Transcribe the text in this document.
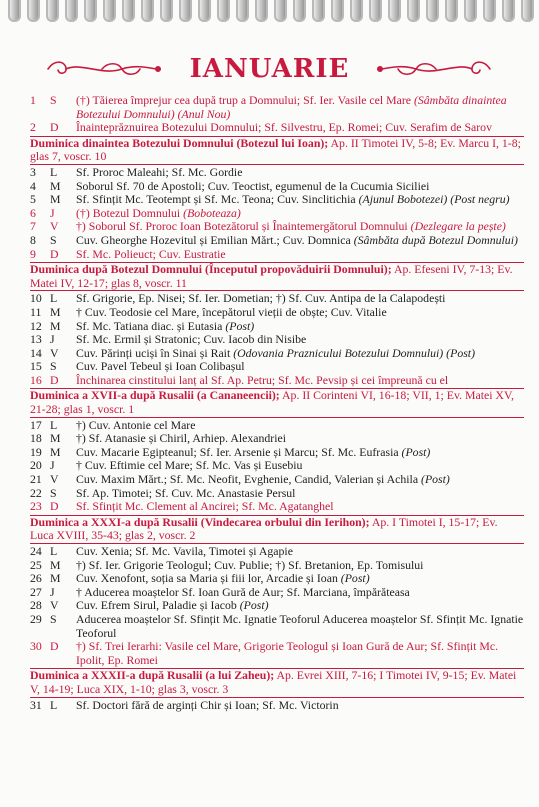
IANUARIE
1	S	(†) Tăierea împrejur cea după trup a Domnului; Sf. Ier. Vasile cel Mare (Sâmbăta dinaintea Botezului Domnului) (Anul Nou)
2	D	Înainteprăznuirea Botezului Domnului; Sf. Silvestru, Ep. Romei; Cuv. Serafim de Sarov
Duminica dinaintea Botezului Domnului (Botezul lui Ioan); Ap. II Timotei IV, 5-8; Ev. Marcu I, 1-8; glas 7, voscr. 10
3	L	Sf. Proroc Maleahi; Sf. Mc. Gordie
4	M	Soborul Sf. 70 de Apostoli; Cuv. Teoctist, egumenul de la Cucumia Siciliei
5	M	Sf. Sfințit Mc. Teotempt și Sf. Mc. Teona; Cuv. Sinclitichia (Ajunul Bobotezei) (Post negru)
6	J	(†) Botezul Domnului (Boboteaza)
7	V	†) Soborul Sf. Proroc Ioan Botezătorul și Înaintemergătorul Domnului (Dezlegare la pește)
8	S	Cuv. Gheorghe Hozevitul și Emilian Mărt.; Cuv. Domnica (Sâmbăta după Botezul Domnului)
9	D	Sf. Mc. Polieuct; Cuv. Eustratie
Duminica după Botezul Domnului (Începutul propovăduirii Domnului); Ap. Efeseni IV, 7-13; Ev. Matei IV, 12-17; glas 8, voscr. 11
10 L	Sf. Grigorie, Ep. Nisei; Sf. Ier. Dometian; †) Sf. Cuv. Antipa de la Calapodești
11 M	† Cuv. Teodosie cel Mare, începătorul vieții de obște; Cuv. Vitalie
12 M	Sf. Mc. Tatiana diac. și Eutasia (Post)
13 J	Sf. Mc. Ermil și Stratonic; Cuv. Iacob din Nisibe
14 V	Cuv. Părinți uciși în Sinai și Rait (Odovania Praznicului Botezului Domnului) (Post)
15 S	Cuv. Pavel Tebeul și Ioan Colibașul
16 D	Închinarea cinstitului lanț al Sf. Ap. Petru; Sf. Mc. Pevsip și cei împreună cu el
Duminica a XVII-a după Rusalii (a Cananeencii); Ap. II Corinteni VI, 16-18; VII, 1; Ev. Matei XV, 21-28; glas 1, voscr. 1
17 L	†) Cuv. Antonie cel Mare
18 M	†) Sf. Atanasie și Chiril, Arhiep. Alexandriei
19 M	Cuv. Macarie Egipteanul; Sf. Ier. Arsenie și Marcu; Sf. Mc. Eufrasia (Post)
20 J	† Cuv. Eftimie cel Mare; Sf. Mc. Vas și Eusebiu
21 V	Cuv. Maxim Mărt.; Sf. Mc. Neofit, Evghenie, Candid, Valerian și Achila (Post)
22 S	Sf. Ap. Timotei; Sf. Cuv. Mc. Anastasie Persul
23 D	Sf. Sfințit Mc. Clement al Ancirei; Sf. Mc. Agatanghel
Duminica a XXXI-a după Rusalii (Vindecarea orbului din Ierihon); Ap. I Timotei I, 15-17; Ev. Luca XVIII, 35-43; glas 2, voscr. 2
24 L	Cuv. Xenia; Sf. Mc. Vavila, Timotei și Agapie
25 M	†) Sf. Ier. Grigorie Teologul; Cuv. Publie; †) Sf. Bretanion, Ep. Tomisului
26 M	Cuv. Xenofont, soția sa Maria și fiii lor, Arcadie și Ioan (Post)
27 J	† Aducerea moaștelor Sf. Ioan Gură de Aur; Sf. Marciana, împărăteasa
28 V	Cuv. Efrem Sirul, Paladie și Iacob (Post)
29 S	Aducerea moaștelor Sf. Sfințit Mc. Ignatie Teoforul Aducerea moaștelor Sf. Sfințit Mc. Ignatie Teoforul
30 D	†) Sf. Trei Ierarhi: Vasile cel Mare, Grigorie Teologul și Ioan Gură de Aur; Sf. Sfințit Mc. Ipolit, Ep. Romei
Duminica a XXXII-a după Rusalii (a lui Zaheu); Ap. Evrei XIII, 7-16; I Timotei IV, 9-15; Ev. Matei V, 14-19; Luca XIX, 1-10; glas 3, voscr. 3
31 L	Sf. Doctori fără de arginți Chir și Ioan; Sf. Mc. Victorin
